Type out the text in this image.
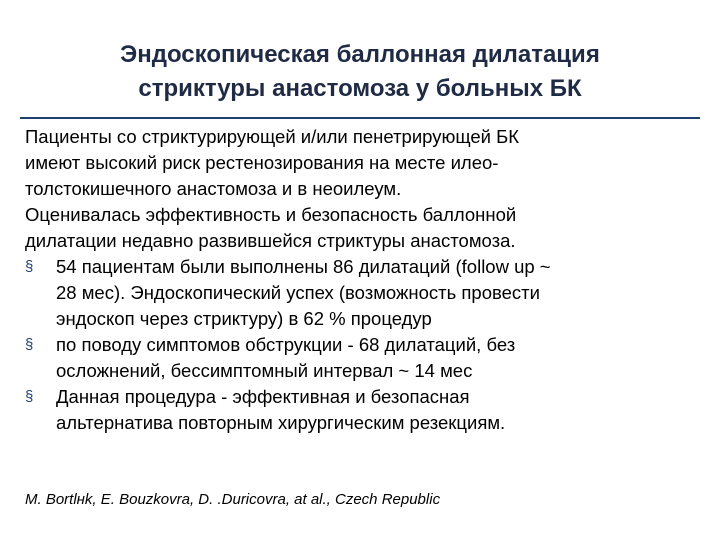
Эндоскопическая баллонная дилатация
стриктуры анастомоза у больных БК

Пациенты со стриктурирующей и/или пенетрирующей БК
имеют высокий риск рестенозирования на месте илео-
толстокишечного анастомоза и в неоилеум.

Оценивалась эффективность и безопасность баллонной
дилатации недавно развившейся стриктуры анастомоза.

§	54 пациентам были выполнены 86 дилатаций (follow up ~
28 мес). Эндоскопический успех (возможность провести
эндоскоп через стриктуру) в 62 % процедур
§	по поводу симптомов обструкции - 68 дилатаций, без
осложнений, бессимптомный интервал ~ 14 мес
§	Данная процедура - эффективная и безопасная
альтернатива повторным хирургическим резекциям.
M. Bortlнk, E. Bouzkovrа, D. .Duricovrа, at al., Czech Republic
